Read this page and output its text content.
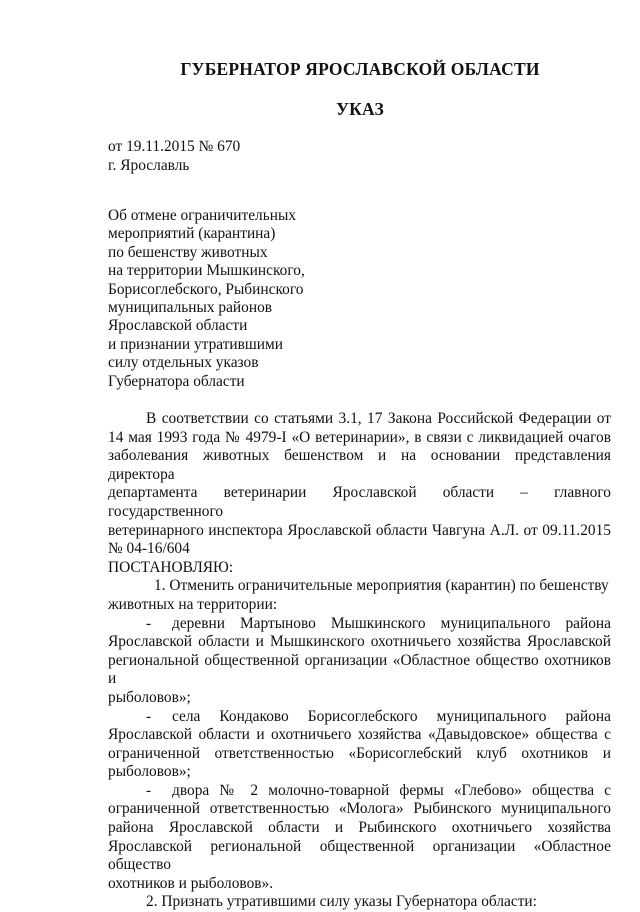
ГУБЕРНАТОР ЯРОСЛАВСКОЙ ОБЛАСТИ
УКАЗ
от 19.11.2015 № 670
г. Ярославль
Об отмене ограничительных
мероприятий (карантина)
по бешенству животных
на территории Мышкинского,
Борисоглебского, Рыбинского
муниципальных районов
Ярославской области
и признании утратившими
силу отдельных указов
Губернатора области

В соответствии со статьями 3.1, 17 Закона Российской Федерации от
14 мая 1993 года № 4979-I «О ветеринарии», в связи с ликвидацией очагов
заболевания животных бешенством и на основании представления директора
департамента ветеринарии Ярославской области – главного государственного
ветеринарного инспектора Ярославской области Чавгуна А.Л. от 09.11.2015
№ 04-16/604

ПОСТАНОВЛЯЮ:

1. Отменить ограничительные мероприятия (карантин) по бешенству
животных на территории:

- деревни Мартыново Мышкинского муниципального района
Ярославской области и Мышкинского охотничьего хозяйства Ярославской
региональной общественной организации «Областное общество охотников и
рыболовов»;

- села Кондаково Борисоглебского муниципального района
Ярославской области и охотничьего хозяйства «Давыдовское» общества с
ограниченной ответственностью «Борисоглебский клуб охотников и
рыболовов»;

- двора № 2 молочно-товарной фермы «Глебово» общества с
ограниченной ответственностью «Молога» Рыбинского муниципального
района Ярославской области и Рыбинского охотничьего хозяйства
Ярославской региональной общественной организации «Областное общество
охотников и рыболовов».

2. Признать утратившими силу указы Губернатора области:
